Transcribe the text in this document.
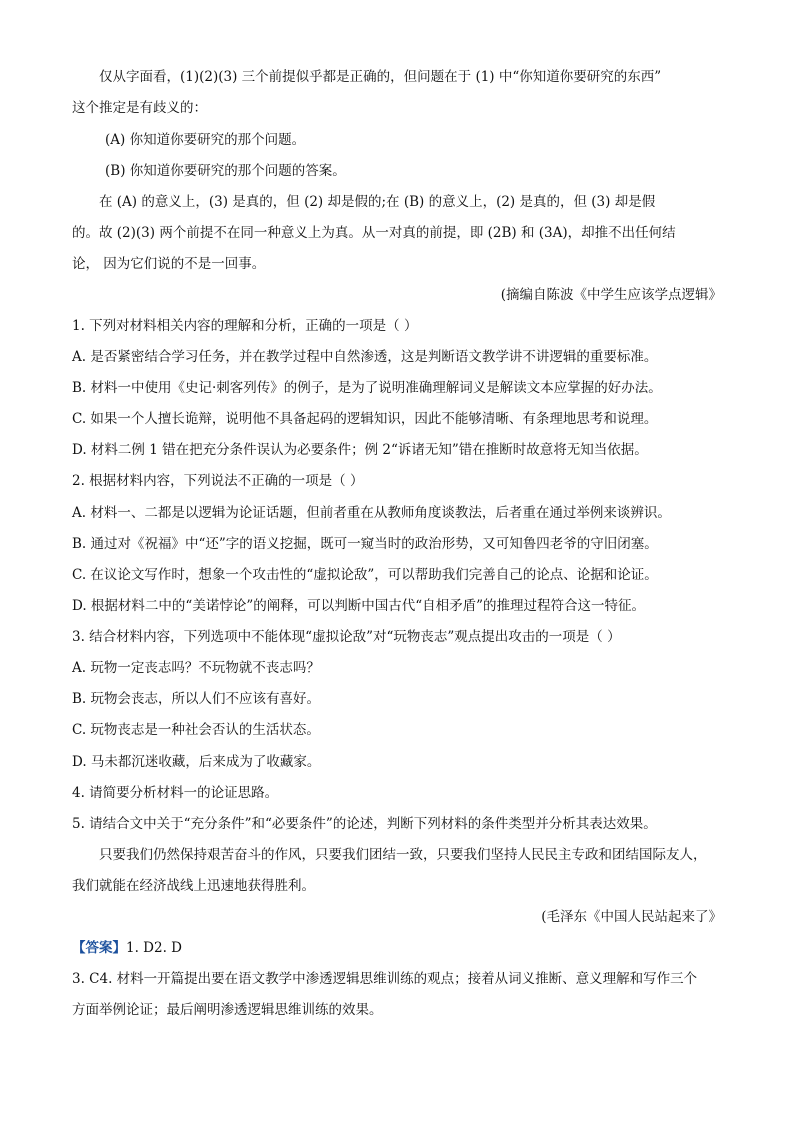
仅从字面看，(1)(2)(3) 三个前提似乎都是正确的，但问题在于 (1) 中“你知道你要研究的东西”
这个推定是有歧义的：
(A) 你知道你要研究的那个问题。
(B) 你知道你要研究的那个问题的答案。
在 (A) 的意义上，(3) 是真的，但 (2) 却是假的;在 (B) 的意义上，(2) 是真的，但 (3) 却是假
的。故 (2)(3) 两个前提不在同一种意义上为真。从一对真的前提，即 (2B) 和 (3A)，却推不出任何结
论， 因为它们说的不是一回事。
(摘编自陈波《中学生应该学点逻辑》
1. 下列对材料相关内容的理解和分析，正确的一项是（ ）
A. 是否紧密结合学习任务，并在教学过程中自然渗透，这是判断语文教学讲不讲逻辑的重要标准。
B. 材料一中使用《史记·刺客列传》的例子，是为了说明准确理解词义是解读文本应掌握的好办法。
C. 如果一个人擅长诡辩，说明他不具备起码的逻辑知识，因此不能够清晰、有条理地思考和说理。
D. 材料二例 1 错在把充分条件误认为必要条件；例 2“诉诸无知”错在推断时故意将无知当依据。
2. 根据材料内容，下列说法不正确的一项是（ ）
A. 材料一、二都是以逻辑为论证话题，但前者重在从教师角度谈教法，后者重在通过举例来谈辨识。
B. 通过对《祝福》中“还”字的语义挖掘，既可一窥当时的政治形势，又可知鲁四老爷的守旧闭塞。
C. 在议论文写作时，想象一个攻击性的“虚拟论敌”，可以帮助我们完善自己的论点、论据和论证。
D. 根据材料二中的“美诺悖论”的阐释，可以判断中国古代“自相矛盾”的推理过程符合这一特征。
3. 结合材料内容，下列选项中不能体现“虚拟论敌”对“玩物丧志”观点提出攻击的一项是（ ）
A. 玩物一定丧志吗？不玩物就不丧志吗？
B. 玩物会丧志，所以人们不应该有喜好。
C. 玩物丧志是一种社会否认的生活状态。
D. 马未都沉迷收藏，后来成为了收藏家。
4. 请简要分析材料一的论证思路。
5. 请结合文中关于“充分条件”和“必要条件”的论述，判断下列材料的条件类型并分析其表达效果。
只要我们仍然保持艰苦奋斗的作风，只要我们团结一致，只要我们坚持人民民主专政和团结国际友人，
我们就能在经济战线上迅速地获得胜利。
(毛泽东《中国人民站起来了》
【答案】1. D2. D
3. C4. 材料一开篇提出要在语文教学中渗透逻辑思维训练的观点；接着从词义推断、意义理解和写作三个
方面举例论证；最后阐明渗透逻辑思维训练的效果。
